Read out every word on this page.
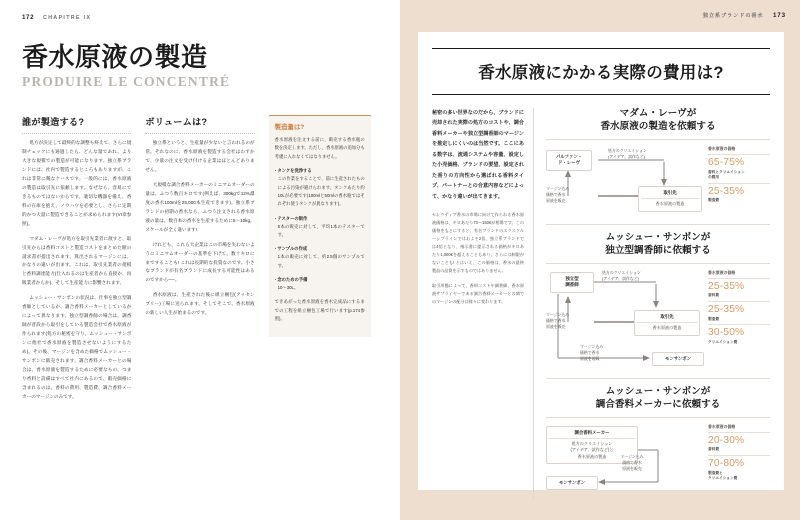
172 CHAPITRE IX
香水原液の製造
PRODUIRE LE CONCENTRÉ
誰が製造する?

処方が決定して最終的な調整も終えて、さらに規制チェックにも通過したら、どんな量であれ、より大きな規模での製造が可能になります。独立系ブランドには、社内で製造するところもありますが、これは非常に稀なケースです。一般的には、香水原液の製造は取引先に依頼します。なぜなら、容易にできるものではないからです。適切な機器を備え、香料の在庫を抱え、ノウハウを必要とし、さらに定期的かつ大量に製造できることが求められます(VI章参照)。

マダム・レーヴが処方を取引先業者に渡すと、取引先からは香料コストと製造コストをまとめた額の請求書が提出されます。算出されるマージンには、かなりの違いが出ます。これは、取引先業者の規模と香料調達能力(仕入れるのは生産者から直接か、再販業者からか)、そして生産能力に影響されます。

ムッシュー・サンボンの状況は、仕事を独立型調香師としているか、調合香料メーカーとしているかによって異なります。独立型調香師の場合は、調香師が普段から取引をしている製造会社で香水原液が作られます(処方の秘密を守り、ムッシュー・サンボンに他社で香水原液を製造させないようにするため)。その後、マージンを含めた価格でムッシュー・サンボンに販売されます。調合香料メーカーとの場合は、香水原液を製造するために必要なもの、つまり香料と設備はすべて社内にあるので、販売価格に含まれるのは、香料の費用、製造費、調合香料メーカーのマージンのみです。

ボリュームは?

独立系というと、生産量が少ないと言われるのが常。それなのに、香水原液を製造する会社はわずかで、少量の注文を受け付ける企業はほとんどありません。

大規模な調合香料メーカーのミニマムオーダーの量は、ふつう数百キロです(例えば、300kgで12%濃度の香水100mlを25,000本生産できます)。独立系ブランドの初期の香水なら、ふつう注文される香水原液の量は、数百本の香水を生産するために5〜10kg。スケールが全く違います!

けれども、これら大企業はこの市場を失わないようにミニマムオーダーの基準を下げて、数十キロにまですることも! これは長期的な投資なのです。小さなブランドが有名ブランドに成長する可能性はあるのですから──。

香水原液は、生産された後に組立梱包(アッセンブリー)工場に送られます。そしてそこで、香水原液の新しい人生が始まるのです。

製造量は?

香水原液を注文する前に、販売する香水瓶の数を決定します。ただし、香水原液の追加分も考慮に入れなくてはなりません。

‧ タンクを洗浄する
この作業をすることで、前に生産されたものによる汚染が避けられます。タンクあたり約10Lが必要です(100mlと50mlの香水瓶ではそれぞれ使うタンクが異なります)。
‧ テスターの制作
5本の販売に対して、平均1本のテスターです。
‧ サンプルの作成
1本の販売に対して、約2.5個のサンプルです。
‧ 念のための予備
10〜30L。

できあがった香水原液を香水完成品にするまでの工程を組立梱包工場で行います(p.174参照)。

独立系ブランドの香水 173
香水原液にかかる実際の費用は?

秘密の多い世界なのだから、ブランドに売却された実際の処方のコストや、調合香料メーカーや独立型調香師のマージンを推定しにくいのは当然です。ここにある数字は、流通システムや容量、設定した小売価格、ブランドの要望、設定された香りの方向性から選ばれる香料タイプ、パートナーとの合意内容などによって、かなり違いが出てきます。

セレクティブ香水の市場に向けて作られる香水原液価格は、キロあたり70〜150€が相場です。この価格をもとにすると、有名ブランドのエクスクルーシブラインではおよそ2倍、独立系ブランドでは4倍となり、指示書に提示される価格がキロあたり1,000€を超えることもあり、さらには制限がないことも! とはいえ、この価格は、香水の最終製品の品質を示すものではありません。

取引形態によって、香料コストや調香師、香水原液サプライヤーである調合香料メーカーとの間でのマージンの配分は様々に変わります。

マダム・レーヴが
香水原液の製造を依頼する
パルファン・
ド・レーヴ
処方のクリエイション
(アイデア、試作など)
マージン込み
価格で香水
原液を販売
取引先
香水原液の製造
香水原液の価格
65-75%
香料とクリエイション
の費用
25-35%
製造費
ムッシュー・サンボンが
独立型調香師に依頼する
独立型
調香師
処方のクリエイション
(アイデア、試作など)
マージン込み
価格で香水
原液を販売
取引先
香水原液の製造
マージン込み
価格で香水
原液を再販	モンサンボン
香水原液の価格
25-35%
香料費
25-35%
製造費
30-50%
クリエイション費
ムッシュー・サンボンが
調合香料メーカーに依頼する
調合香料メーカー
処方のクリエイション
(アイデア、試作など)と
香水原液の製造	マージン込み
価格で香水
原液を販売
モンサンボン
香水原液の価格
20-30%
香料費
70-80%
製造費と
クリエイション費
